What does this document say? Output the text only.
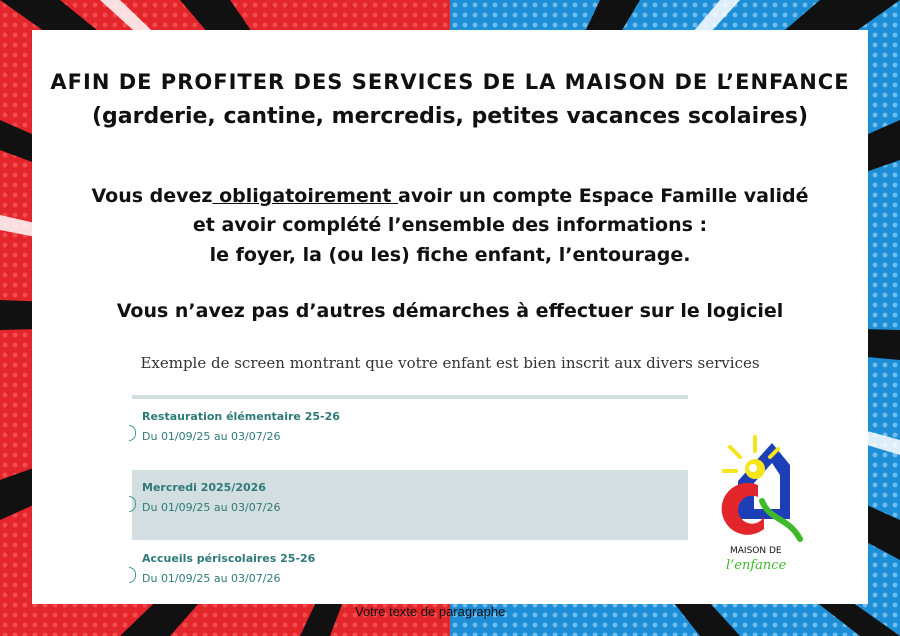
AFIN DE PROFITER DES SERVICES DE LA MAISON DE L’ENFANCE
(garderie, cantine, mercredis, petites vacances scolaires)
Vous devez obligatoirement avoir un compte Espace Famille validé
et avoir complété l’ensemble des informations :
le foyer, la (ou les) fiche enfant, l’entourage.
Vous n’avez pas d’autres démarches à effectuer sur le logiciel
Exemple de screen montrant que votre enfant est bien inscrit aux divers services
Restauration élémentaire 25-26
Du 01/09/25 au 03/07/26
Mercredi 2025/2026
Du 01/09/25 au 03/07/26
Accueils périscolaires 25-26
Du 01/09/25 au 03/07/26
MAISON DE
l’enfance
Votre texte de paragraphe
